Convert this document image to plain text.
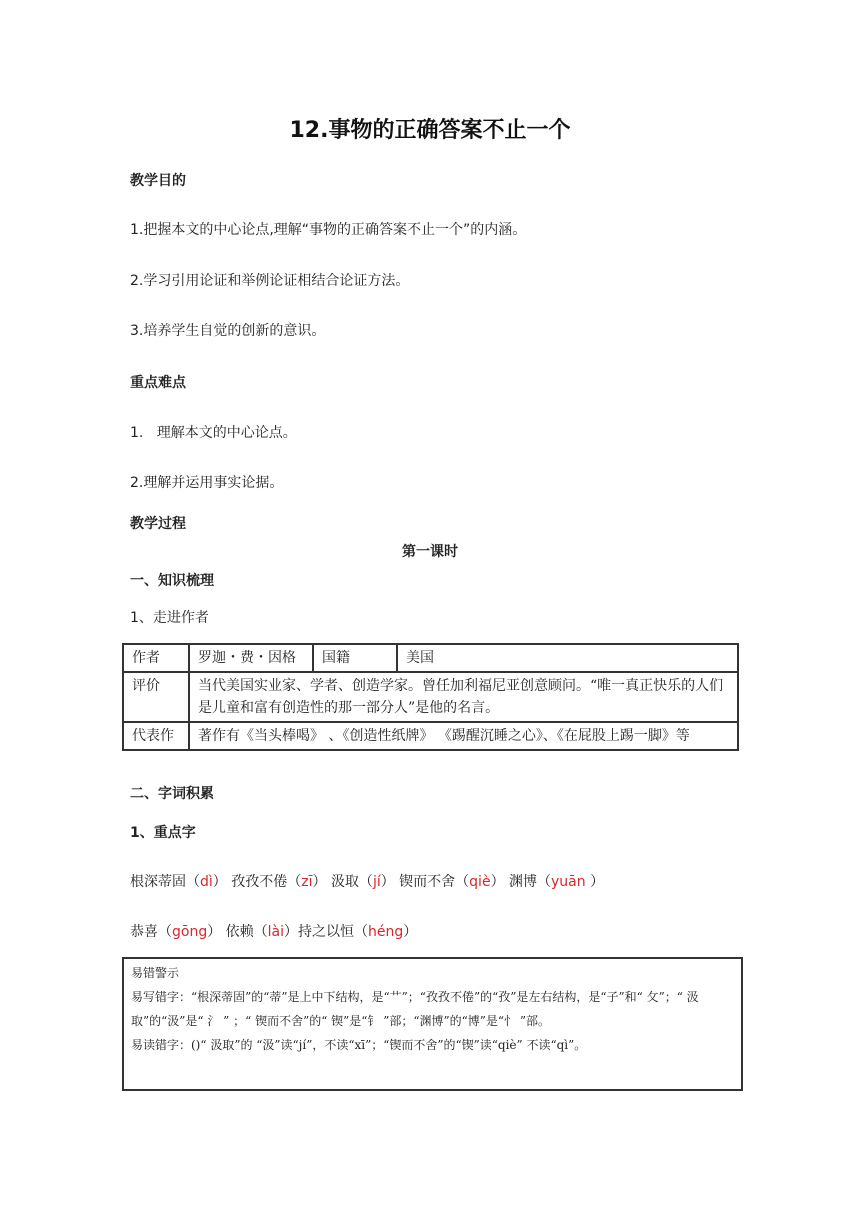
12.事物的正确答案不止一个
教学目的
1.把握本文的中心论点,理解“事物的正确答案不止一个”的内涵。
2.学习引用论证和举例论证相结合论证方法。
3.培养学生自觉的创新的意识。
重点难点
1.   理解本文的中心论点。
2.理解并运用事实论据。
教学过程
第一课时
一、知识梳理
1、走进作者
作者	罗迦・费・因格	国籍	美国
评价	当代美国实业家、学者、创造学家。曾任加利福尼亚创意顾问。“唯一真正快乐的人们是儿童和富有创造性的那一部分人”是他的名言。		
代表作	著作有《当头棒喝》 、《创造性纸牌》 《踢醒沉睡之心》、《在屁股上踢一脚》等		
二、字词积累
1、重点字
根深蒂固（dì） 孜孜不倦（zī） 汲取（jí） 锲而不舍（qiè） 渊博（yuān ）
恭喜（gōng） 依赖（lài）持之以恒（héng）
易错警示
易写错字：“根深蒂固”的“蒂”是上中下结构，是“艹”；“孜孜不倦”的“孜”是左右结构，是“子”和“ 攵”；“ 汲取”的“汲”是“ 氵 ” ；“ 锲而不舍”的“ 锲”是“钅 ”部；“渊博”的“博”是“忄 ”部。
易读错字：()“ 汲取”的 “汲”读“jí”，不读“xī”；“锲而不舍”的“锲”读“qiè” 不读“qì”。
